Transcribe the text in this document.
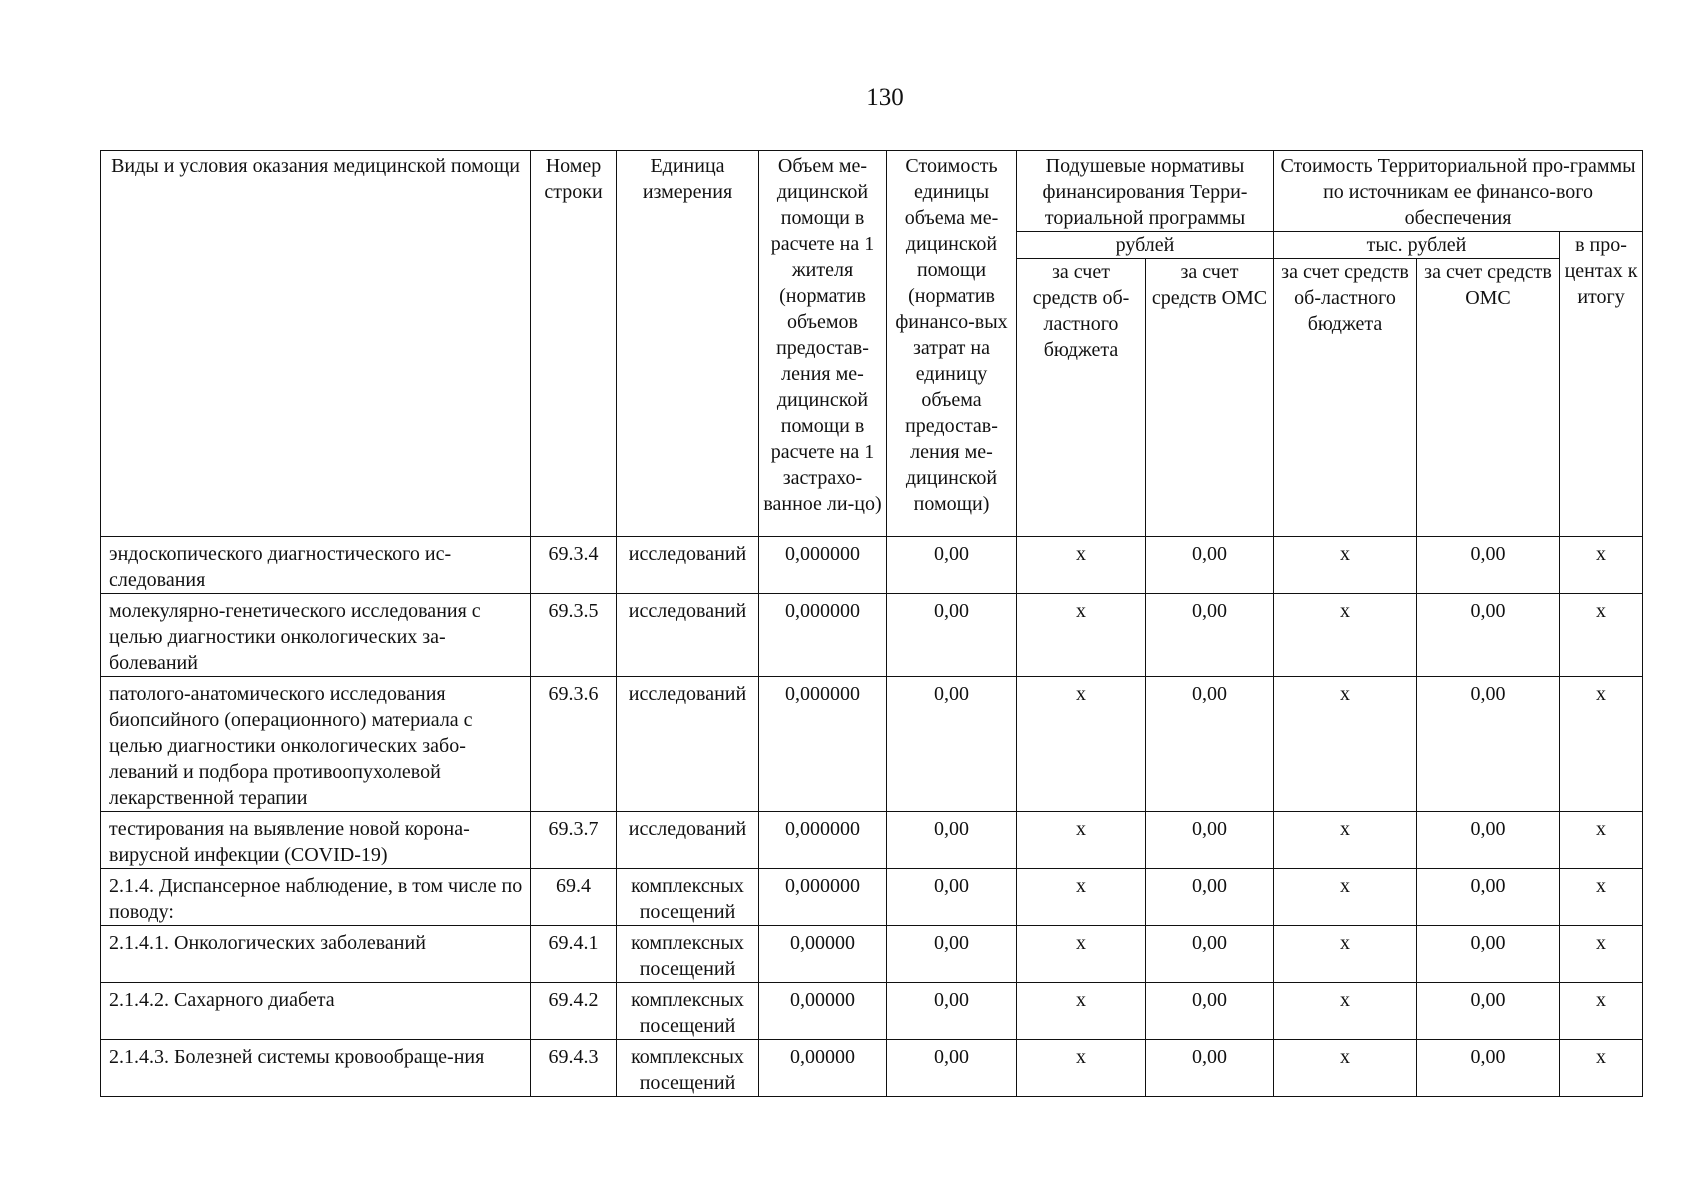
130
Виды и условия оказания медицинской помощи	Номер строки	Единица измерения	Объем ме-дицинской помощи в расчете на 1 жителя (норматив объемов предостав-ления ме-дицинской помощи в расчете на 1 застрахо-ванное ли-цо)	Стоимость единицы объема ме-дицинской помощи (норматив финансо-вых затрат на единицу объема предостав-ления ме-дицинской помощи)	Подушевые нормативы финансирования Терри-ториальной программы		Стоимость Территориальной про-граммы по источникам ее финансо-вого обеспечения		
					рублей		тыс. рублей		в про-центах к итогу
					за счет средств об-ластного бюджета	за счет средств ОМС	за счет средств об-ластного бюджета	за счет средств ОМС	
эндоскопического диагностического ис-следования	69.3.4	исследований	0,000000	0,00	х	0,00	х	0,00	х
молекулярно-генетического исследования с целью диагностики онкологических за-болеваний	69.3.5	исследований	0,000000	0,00	х	0,00	х	0,00	х
патолого-анатомического исследования биопсийного (операционного) материала с целью диагностики онкологических забо-леваний и подбора противоопухолевой лекарственной терапии	69.3.6	исследований	0,000000	0,00	х	0,00	х	0,00	х
тестирования на выявление новой корона-вирусной инфекции (COVID-19)	69.3.7	исследований	0,000000	0,00	х	0,00	х	0,00	х
2.1.4. Диспансерное наблюдение, в том числе по поводу:	69.4	комплексных посещений	0,000000	0,00	х	0,00	х	0,00	х
2.1.4.1. Онкологических заболеваний	69.4.1	комплексных посещений	0,00000	0,00	х	0,00	х	0,00	х
2.1.4.2. Сахарного диабета	69.4.2	комплексных посещений	0,00000	0,00	х	0,00	х	0,00	х
2.1.4.3. Болезней системы кровообраще-ния	69.4.3	комплексных посещений	0,00000	0,00	х	0,00	х	0,00	х
